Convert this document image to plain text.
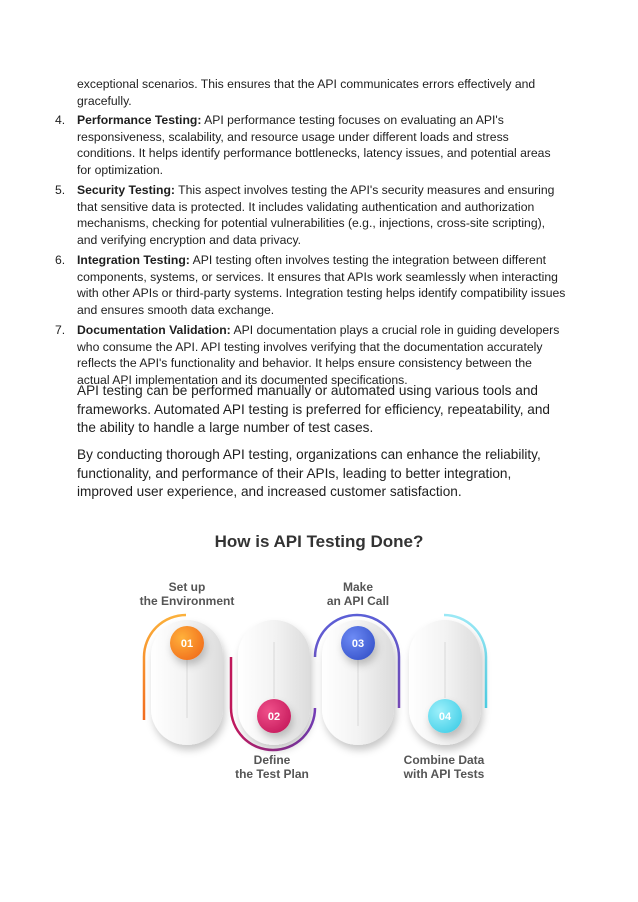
exceptional scenarios. This ensures that the API communicates errors effectively and gracefully.
4. Performance Testing: API performance testing focuses on evaluating an API's responsiveness, scalability, and resource usage under different loads and stress conditions. It helps identify performance bottlenecks, latency issues, and potential areas for optimization.
5. Security Testing: This aspect involves testing the API's security measures and ensuring that sensitive data is protected. It includes validating authentication and authorization mechanisms, checking for potential vulnerabilities (e.g., injections, cross-site scripting), and verifying encryption and data privacy.
6. Integration Testing: API testing often involves testing the integration between different components, systems, or services. It ensures that APIs work seamlessly when interacting with other APIs or third-party systems. Integration testing helps identify compatibility issues and ensures smooth data exchange.
7. Documentation Validation: API documentation plays a crucial role in guiding developers who consume the API. API testing involves verifying that the documentation accurately reflects the API's functionality and behavior. It helps ensure consistency between the actual API implementation and its documented specifications.

API testing can be performed manually or automated using various tools and frameworks. Automated API testing is preferred for efficiency, repeatability, and the ability to handle a large number of test cases.

By conducting thorough API testing, organizations can enhance the reliability, functionality, and performance of their APIs, leading to better integration, improved user experience, and increased customer satisfaction.

How is API Testing Done?
01
02
03
04
Set up
the Environment
Define
the Test Plan
Make
an API Call
Combine Data
with API Tests
